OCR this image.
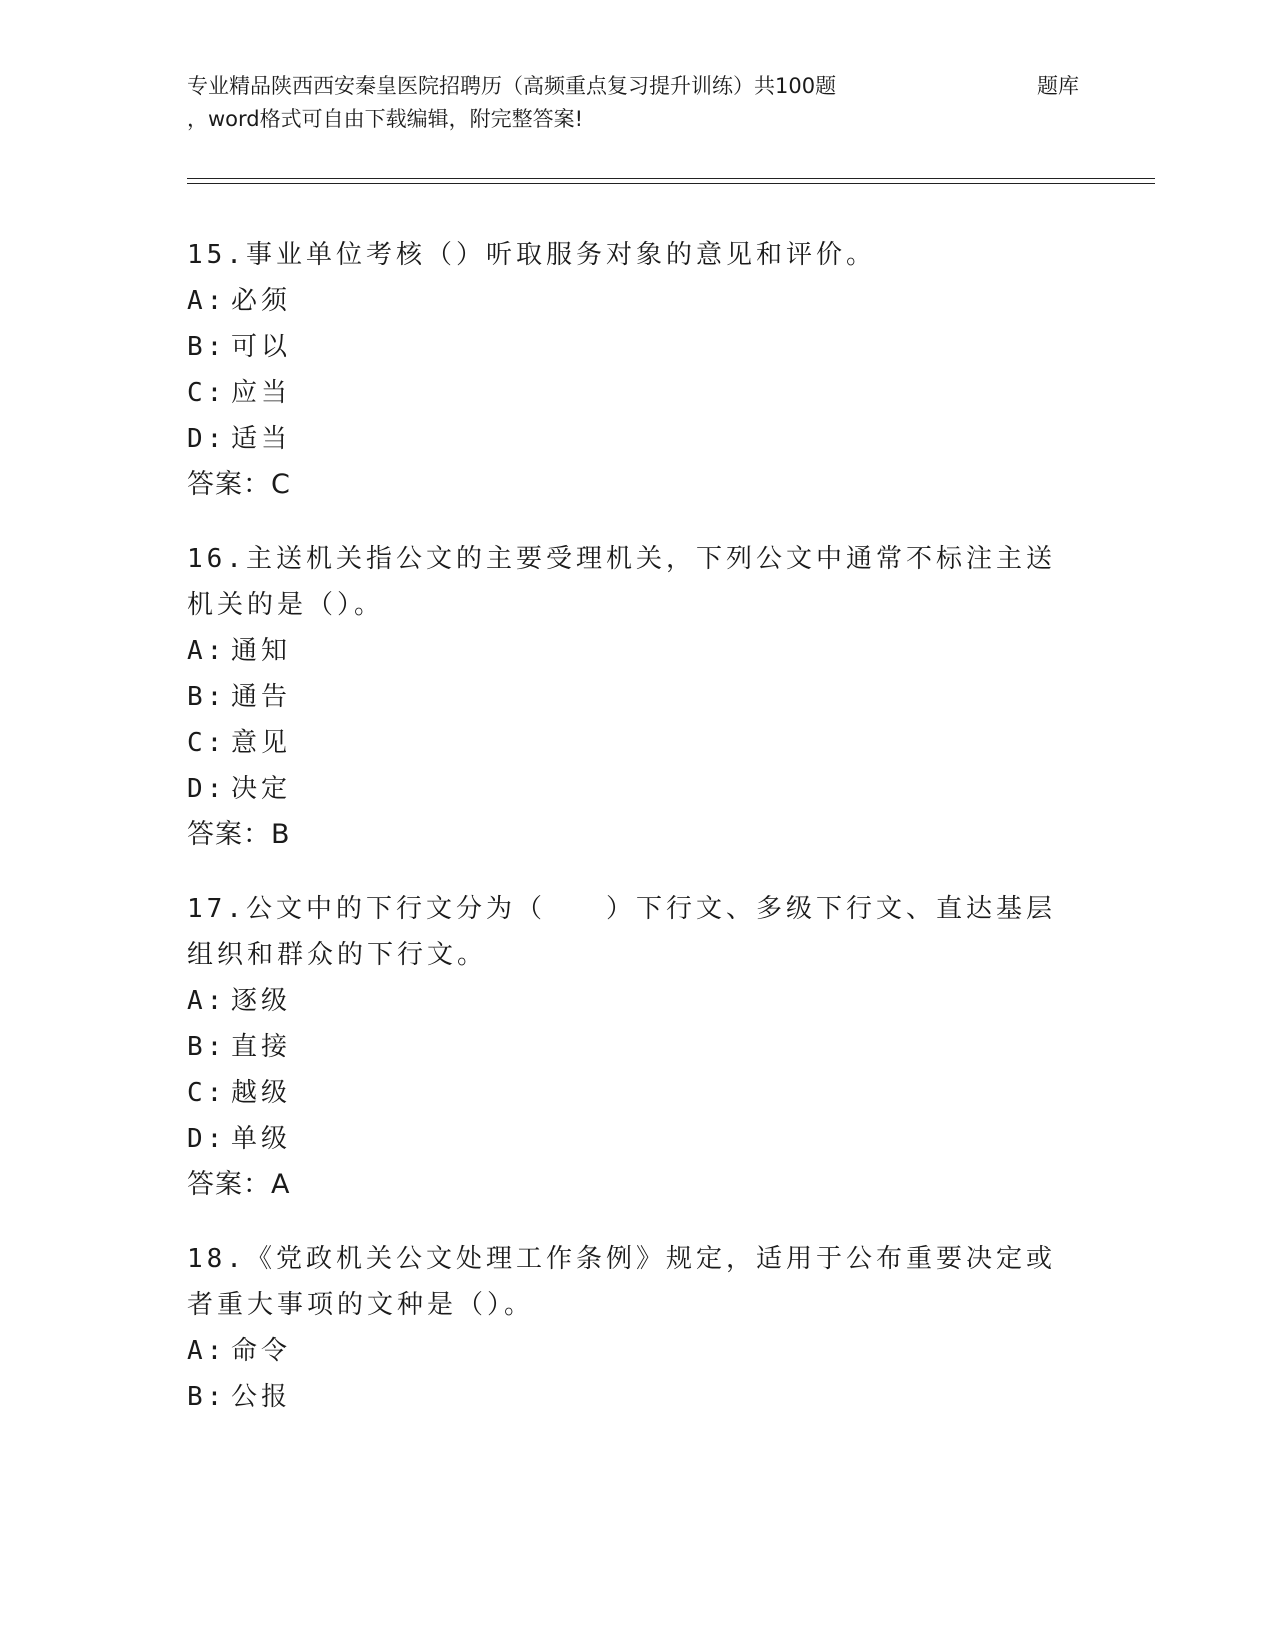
专业精品陕西西安秦皇医院招聘历（高频重点复习提升训练）共100题	题库
，word格式可自由下载编辑，附完整答案!
15.事业单位考核（）听取服务对象的意见和评价。
A: 必须
B: 可以
C: 应当
D: 适当
答案：C
16.主送机关指公文的主要受理机关，下列公文中通常不标注主送机关的是（）。
A: 通知
B: 通告
C: 意见
D: 决定
答案：B
17.公文中的下行文分为（　　）下行文、多级下行文、直达基层组织和群众的下行文。
A: 逐级
B: 直接
C: 越级
D: 单级
答案：A
18.《党政机关公文处理工作条例》规定，适用于公布重要决定或者重大事项的文种是（）。
A: 命令
B: 公报
